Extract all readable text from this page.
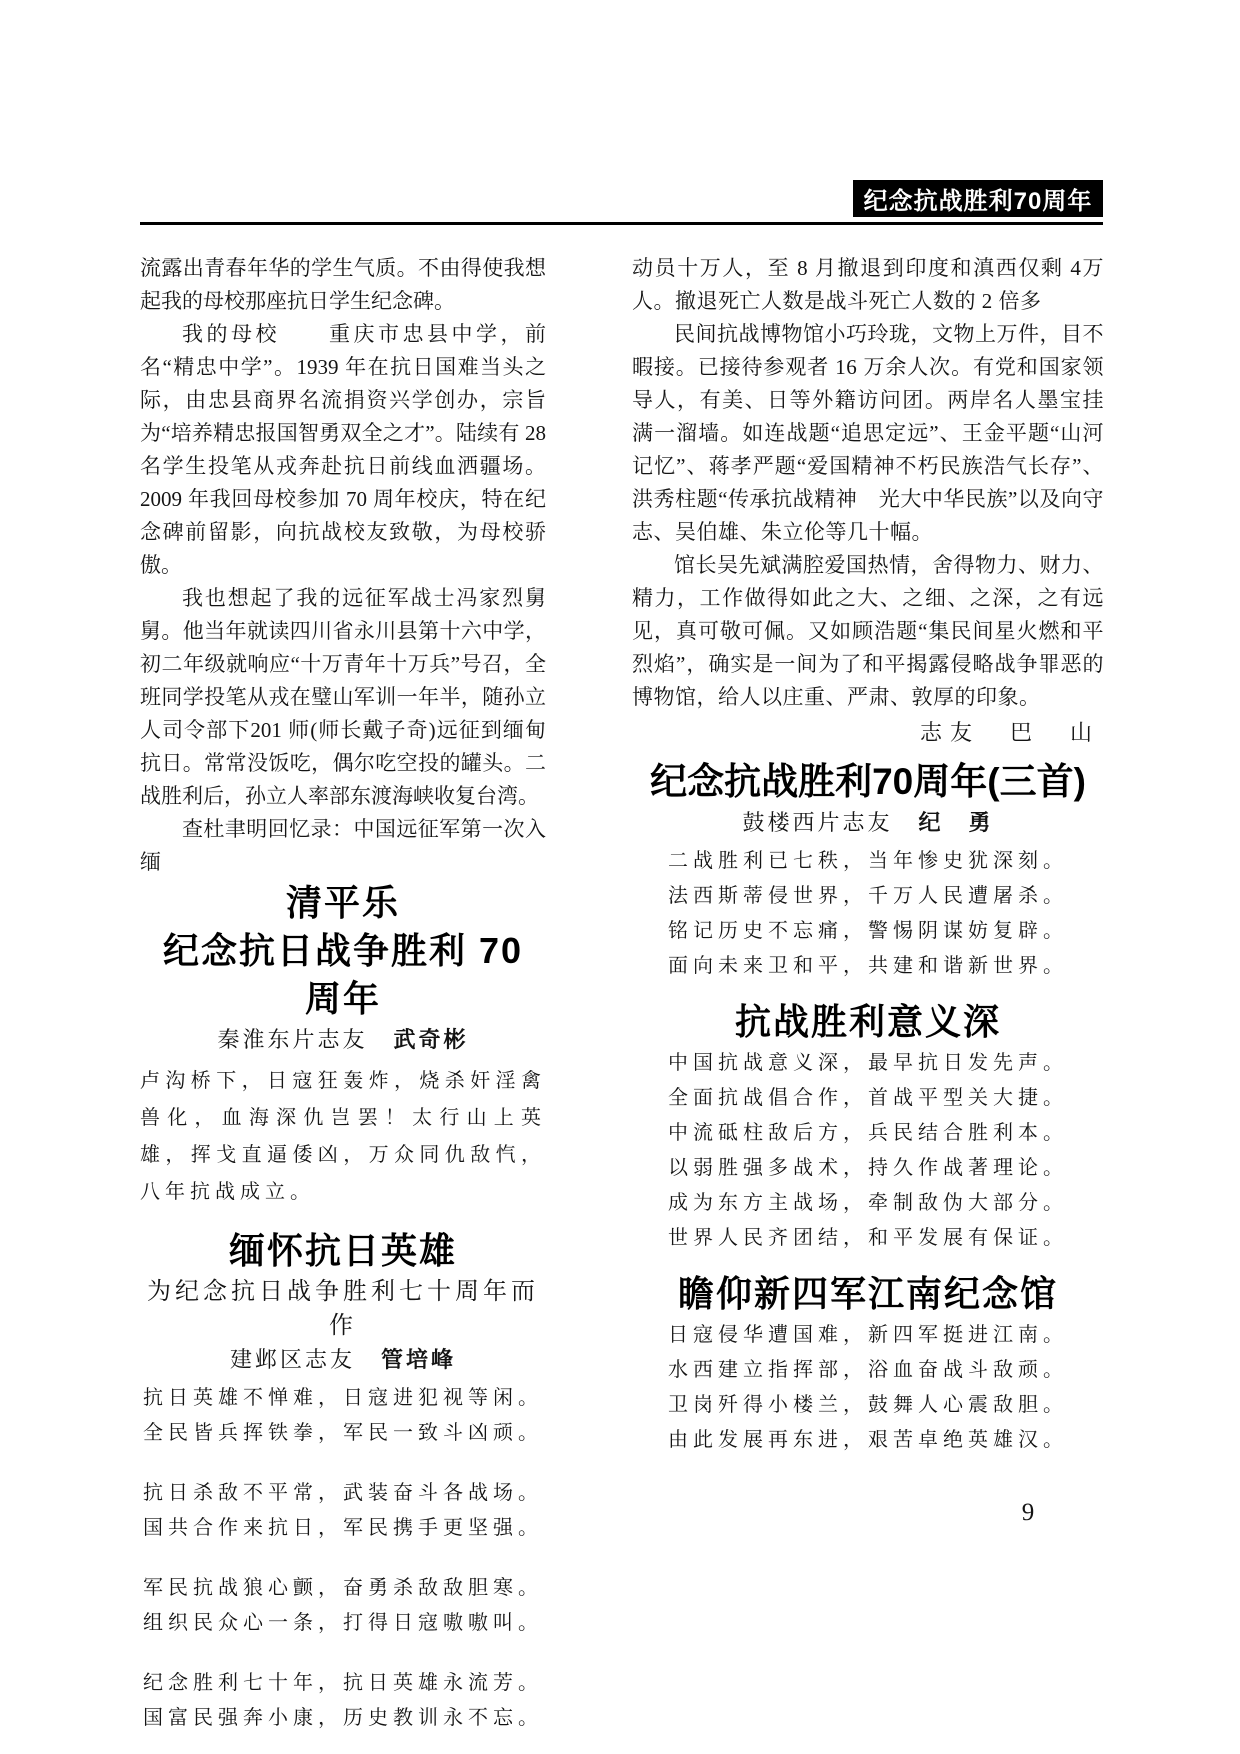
纪念抗战胜利70周年

流露出青春年华的学生气质。不由得使我想起我的母校那座抗日学生纪念碑。

我的母校　　重庆市忠县中学，前名“精忠中学”。1939 年在抗日国难当头之际，由忠县商界名流捐资兴学创办，宗旨为“培养精忠报国智勇双全之才”。陆续有 28 名学生投笔从戎奔赴抗日前线血洒疆场。2009 年我回母校参加 70 周年校庆，特在纪念碑前留影，向抗战校友致敬，为母校骄傲。

我也想起了我的远征军战士冯家烈舅舅。他当年就读四川省永川县第十六中学，初二年级就响应“十万青年十万兵”号召，全班同学投笔从戎在璧山军训一年半，随孙立人司令部下201 师(师长戴子奇)远征到缅甸抗日。常常没饭吃，偶尔吃空投的罐头。二战胜利后，孙立人率部东渡海峡收复台湾。

查杜聿明回忆录：中国远征军第一次入缅

清平乐
纪念抗日战争胜利 70 周年
秦淮东片志友 武奇彬
卢沟桥下，日寇狂轰炸，烧杀奸淫禽兽化，血海深仇岂罢！太行山上英雄，挥戈直逼倭凶，万众同仇敌忾，八年抗战成立。
缅怀抗日英雄
为纪念抗日战争胜利七十周年而作
建邺区志友 管培峰
抗日英雄不惮难，日寇进犯视等闲。
全民皆兵挥铁拳，军民一致斗凶顽。
抗日杀敌不平常，武装奋斗各战场。
国共合作来抗日，军民携手更坚强。
军民抗战狼心颤，奋勇杀敌敌胆寒。
组织民众心一条，打得日寇嗷嗷叫。
纪念胜利七十年，抗日英雄永流芳。
国富民强奔小康，历史教训永不忘。

动员十万人，至 8 月撤退到印度和滇西仅剩 4万人。撤退死亡人数是战斗死亡人数的 2 倍多

民间抗战博物馆小巧玲珑，文物上万件，目不暇接。已接待参观者 16 万余人次。有党和国家领导人，有美、日等外籍访问团。两岸名人墨宝挂满一溜墙。如连战题“追思定远”、王金平题“山河记忆”、蒋孝严题“爱国精神不朽民族浩气长存”、洪秀柱题“传承抗战精神　光大中华民族”以及向守志、吴伯雄、朱立伦等几十幅。

馆长吴先斌满腔爱国热情，舍得物力、财力、精力，工作做得如此之大、之细、之深，之有远见，真可敬可佩。又如顾浩题“集民间星火燃和平烈焰”，确实是一间为了和平揭露侵略战争罪恶的博物馆，给人以庄重、严肃、敦厚的印象。

志友　巴　山
纪念抗战胜利70周年(三首)
鼓楼西片志友 纪　勇
二战胜利已七秩，当年惨史犹深刻。
法西斯蒂侵世界，千万人民遭屠杀。
铭记历史不忘痛，警惕阴谋妨复辟。
面向未来卫和平，共建和谐新世界。
抗战胜利意义深
中国抗战意义深，最早抗日发先声。
全面抗战倡合作，首战平型关大捷。
中流砥柱敌后方，兵民结合胜利本。
以弱胜强多战术，持久作战著理论。
成为东方主战场，牵制敌伪大部分。
世界人民齐团结，和平发展有保证。
瞻仰新四军江南纪念馆
日寇侵华遭国难，新四军挺进江南。
水西建立指挥部，浴血奋战斗敌顽。
卫岗歼得小楼兰，鼓舞人心震敌胆。
由此发展再东进，艰苦卓绝英雄汉。
9
